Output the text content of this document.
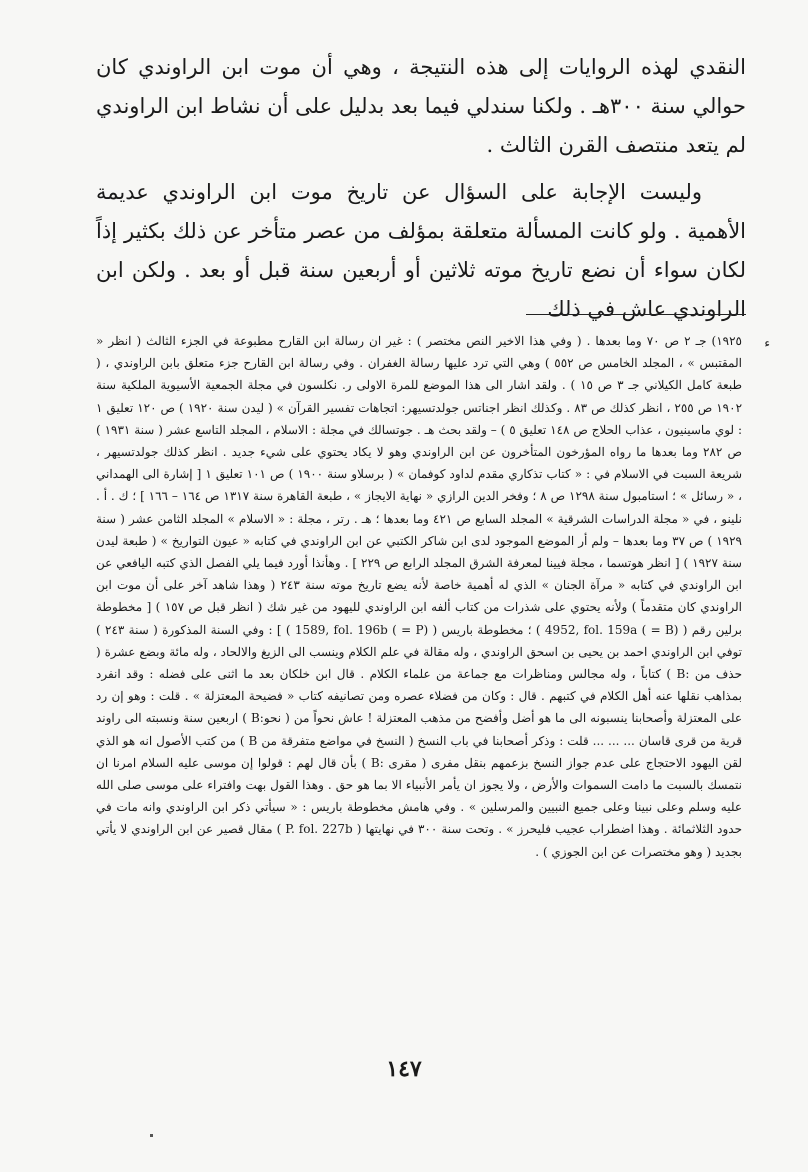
النقدي لهذه الروايات إلى هذه النتيجة ، وهي أن موت ابن الراوندي كان حوالي سنة ٣٠٠هـ . ولكنا سندلي فيما بعد بدليل على أن نشاط ابن الراوندي لم يتعد منتصف القرن الثالث .

وليست الإجابة على السؤال عن تاريخ موت ابن الراوندي عديمة الأهمية . ولو كانت المسألة متعلقة بمؤلف من عصر متأخر عن ذلك بكثير إذاً لكان سواء أن نضع تاريخ موته ثلاثين أو أربعين سنة قبل أو بعد . ولكن ابن الراوندي عاش في ذلك

ء

١٩٢٥) جـ ٢ ص ٧٠ وما بعدها . ( وفي هذا الاخير النص مختصر ) : غير ان رسالة ابن القارح مطبوعة في الجزء الثالث ( انظر « المقتبس » ، المجلد الخامس ص ٥٥٢ ) وهي التي ترد عليها رسالة الغفران . وفي رسالة ابن القارح جزء متعلق بابن الراوندي ، ( طبعة كامل الكيلاني جـ ٣ ص ١٥ ) . ولقد اشار الى هذا الموضع للمرة الاولى ر. نكلسون في مجلة الجمعية الأسيوية الملكية سنة ١٩٠٢ ص ٢٥٥ ، انظر كذلك ص ٨٣ . وكذلك انظر اجناتس جولدتسيهر: اتجاهات تفسير القرآن » ( ليدن سنة ١٩٢٠ ) ص ١٢٠ تعليق ١ : لوي ماسينيون ، عذاب الحلاج ص ١٤٨ تعليق ٥ ) – ولقد بحث هـ . جوتسالك في مجلة : الاسلام ، المجلد التاسع عشر ( سنة ١٩٣١ ) ص ٢٨٢ وما بعدها ما رواه المؤرخون المتأخرون عن ابن الراوندي وهو لا يكاد يحتوي على شيء جديد . انظر كذلك جولدتسيهر ، شريعة السبت في الاسلام في : « كتاب تذكاري مقدم لداود كوفمان » ( برسلاو سنة ١٩٠٠ ) ص ١٠١ تعليق ١ [ إشارة الى الهمداني ، « رسائل » ؛ استامبول سنة ١٢٩٨ ص ٨ ؛ وفخر الدين الرازي « نهاية الايجاز » ، طبعة القاهرة سنة ١٣١٧ ص ١٦٤ – ١٦٦ ] ؛ ك . أ . نلينو ، في « مجلة الدراسات الشرقية » المجلد السابع ص ٤٢١ وما بعدها ؛ هـ . رتر ، مجلة : « الاسلام » المجلد الثامن عشر ( سنة ١٩٢٩ ) ص ٣٧ وما بعدها – ولم أر الموضع الموجود لدى ابن شاكر الكتبي عن ابن الراوندي في كتابه « عيون التواريخ » ( طبعة ليدن سنة ١٩٢٧ ) [ انظر هوتسما ، مجلة فيينا لمعرفة الشرق المجلد الرابع ص ٢٢٩ ] . وهأنذا أورد فيما يلي الفصل الذي كتبه اليافعي عن ابن الراوندي في كتابه « مرآة الجنان » الذي له أهمية خاصة لأنه يضع تاريخ موته سنة ٢٤٣ ( وهذا شاهد آخر على أن موت ابن الراوندي كان متقدماً ) ولأنه يحتوي على شذرات من كتاب ألفه ابن الراوندي لليهود من غير شك ( انظر قبل ص ١٥٧ ) [ مخطوطة برلين رقم ( 4952, fol. 159a ( = B) ) ؛ مخطوطة باريس ( 1589, fol. 196b ( = P) ) ] : وفي السنة المذكورة ( سنة ٢٤٣ ) توفي ابن الراوندي احمد بن يحيى بن اسحق الراوندي ، وله مقالة في علم الكلام وينسب الى الزيغ والالحاد ، وله مائة وبضع عشرة ( حذف من :B ) كتاباً ، وله مجالس ومناظرات مع جماعة من علماء الكلام . قال ابن خلكان بعد ما اثنى على فضله : وقد انفرد بمذاهب نقلها عنه أهل الكلام في كتبهم . قال : وكان من فضلاء عصره ومن تصانيفه كتاب « فضيحة المعتزلة » . قلت : وهو إن رد على المعتزلة وأصحابنا ينسبونه الى ما هو أضل وأفضح من مذهب المعتزلة ! عاش نحواً من ( نحو:B ) اربعين سنة ونسبته الى راوند قرية من قرى قاسان ... ... ... قلت : وذكر أصحابنا في باب النسخ ( النسخ في مواضع متفرقة من B ) من كتب الأصول انه هو الذي لقن اليهود الاحتجاج على عدم جواز النسخ بزعمهم بنقل مفرى ( مقرى :B ) بأن قال لهم : قولوا إن موسى عليه السلام امرنا ان نتمسك بالسبت ما دامت السموات والأرض ، ولا يجوز ان يأمر الأنبياء الا بما هو حق . وهذا القول بهت وافتراء على موسى صلى الله عليه وسلم وعلى نبينا وعلى جميع النبيين والمرسلين » . وفي هامش مخطوطة باريس : « سيأتي ذكر ابن الراوندي وانه مات في حدود الثلاثمائة . وهذا اضطراب عجيب فليحرز » . وتحت سنة ٣٠٠ في نهايتها ( P. fol. 227b ) مقال قصير عن ابن الراوندي لا يأتي بجديد ( وهو مختصرات عن ابن الجوزي ) .

١٤٧
